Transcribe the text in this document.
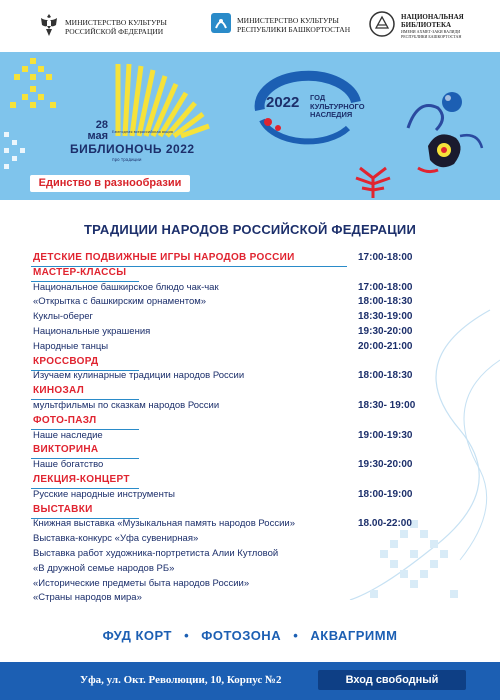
МИНИСТЕРСТВО КУЛЬТУРЫ
РОССИЙСКОЙ ФЕДЕРАЦИИ
МИНИСТЕРСТВО КУЛЬТУРЫ
РЕСПУБЛИКИ БАШКОРТОСТАН
НАЦИОНАЛЬНАЯ
БИБЛИОТЕКА
ИМЕНИ АХМЕТ-ЗАКИ ВАЛИДИ
РЕСПУБЛИКИ БАШКОРТОСТАН
28
мая Ежегодная всероссийская акция
БИБЛИОНОЧЬ 2022
про традиции
2022 ГОД КУЛЬТУРНОГО НАСЛЕДИЯ
Единство в разнообразии
ТРАДИЦИИ НАРОДОВ РОССИЙСКОЙ ФЕДЕРАЦИИ
ДЕТСКИЕ ПОДВИЖНЫЕ ИГРЫ НАРОДОВ РОССИИ	17:00-18:00
МАСТЕР-КЛАССЫ
Национальное башкирское блюдо чак-чак	17:00-18:00
«Открытка с башкирским орнаментом»	18:00-18:30
Куклы-оберег	18:30-19:00
Национальные украшения	19:30-20:00
Народные танцы	20:00-21:00
КРОССВОРД
Изучаем кулинарные традиции народов России	18:00-18:30
КИНОЗАЛ
мультфильмы по сказкам народов России	18:30- 19:00
ФОТО-ПАЗЛ
Наше наследие	19:00-19:30
ВИКТОРИНА
Наше богатство	19:30-20:00
ЛЕКЦИЯ-КОНЦЕРТ
Русские народные инструменты	18:00-19:00
ВЫСТАВКИ
Книжная выставка «Музыкальная память народов России»	18.00-22:00
Выставка-конкурс «Уфа сувенирная»
Выставка работ художника-портретиста Алии Кутловой
«В дружной семье народов РБ»
«Исторические предметы быта народов России»
«Страны народов мира»
ФУД КОРТ • ФОТОЗОНА • АКВАГРИММ
Уфа, ул. Окт. Революции, 10, Корпус №2	Вход свободный
